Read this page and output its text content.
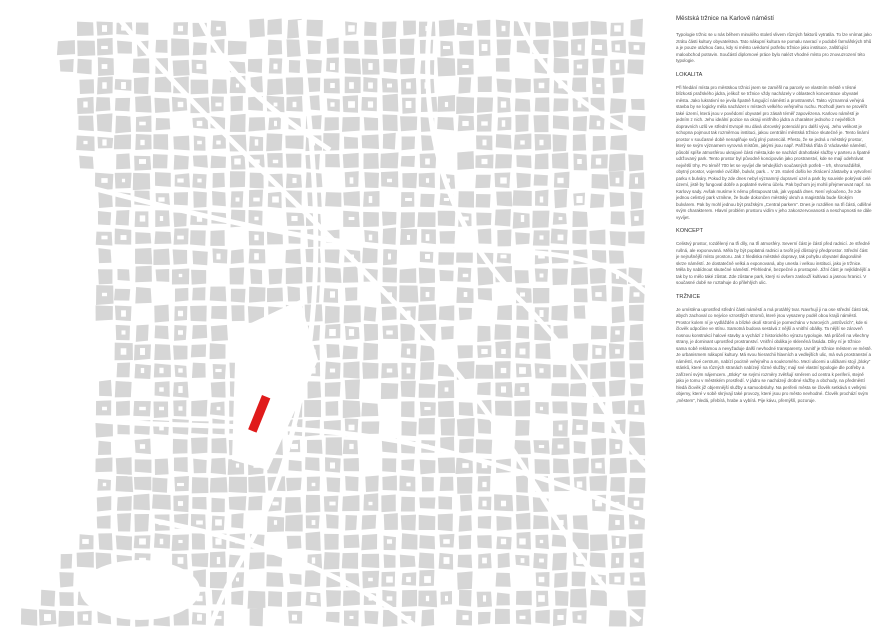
Městská tržnice na Karlově náměstí

Typologie tržnic se u nás během minulého století vlivem různých faktorů vytratila. To lze vnímat jako ztrátu části kultury obyvatelstva. Tato nákupní kultura se pomalu navrací v podobě farmářských trhů a je pouze otázkou času, kdy si město uvědomí potřebu tržnice jako instituce, zaštiťující maloobchod potravin. Součástí diplomové práce bylo nalézt vhodné místo pro znovuzrození této typologie.

LOKALITA

Při hledání místa pro městskou tržnici jsem se zaměřil na parcely ve vlastním městě v těsné blízkosti pražského jádra, jelikož se tržnice vždy nacházely v oblastech koncentrace obyvatel města. Jako lukrativní se jevila špatně fungující náměstí a prostranství. Takto významná veřejná stavba by se logicky měla nacházet v místech velkého veřejného ruchu. Rozhodl jsem se prověřit také území, která jsou v povědomí obyvatel pro zásah téměř zapovězena. Karlovo náměstí je jedním z nich. Jeho ideální pozice na okraji vnitřního jádra a charakter jednoho z největších dopravních uzlů ve střední Evropě mu dává obrovský potenciál pro další vývoj. Jeho velikost je schopna pojmout tak rozměrnou instituci, jakou centrální městská tržnice skutečně je. Tento linární prostor v současné době nenaplňuje svůj plný potenciál. Přesto, že se jedná o městský prostor, který se svým významem vyrovná místům, jakými jsou např. Pařížská třída či Václavské náměstí, působí spíše atmosférou ukrajové části města,kde se nachází drahotlaké služby v parteru a špatně udržovaný park. Tento prostor byl původně koncipován jako prostranství, kde se mají odehrávat největší trhy. Po téměř 700 let se vyvíjel dle tehdejších současných potřeb – trh, shromaždiště, obytný prostor, vojenské cvičiště, bulvár, park… V 19. století došlo ke zkrácení zástavby a vytvoření parku s bulváry. Pokud by zde dnes nebyl významný dopravní uzel a park by souvisle pokrýval celé území, jistě by fungoval dobře a poplatně svému účelu. Pak bychom jej mohli přejmenovat např. na Karlovy sady. Avšak musíme k němu přistupovat tak, jak vypadá dnes. Není vyloučeno, že zde jednou celistvý park vznikne, že bude dokončen městský okruh a magistrála bude širokým bulvárem. Pak by mohl jednou být pražským „Central parkem“. Dnes je rozdělen na tři části, odlišné svým charakterem. Hlavní problém prostoru vidím v jeho zakonzervovanosti a neschopnosti se dále vyvíjet.

KONCEPT

Celistvý prostor, rozdělený na tři díly, na tři atmosféry. Severní část je částí před radnicí. Je středně rušná, ale exponovaná. Měla by být poplatná radnici a tvořit její důstojný předprostor. Střední část je nejrušnější místo prostoru. Jak z hlediska městské dopravy, tak pohybu obyvatel diagonálně skrze náměstí. Je dostatečně velká a exponovaná, aby unesla i velkou instituci, jako je tržnice. Měla by nabídnout skutečné náměstí. Přehledné, bezpečné a prostupné. Jižní část je nejklidnější a tak by to mělo také zůstat. Zde zůstane park, který si ovšem zaslouží kultivaci a jasnou hranici. V současné době se roztahuje do přilehlých ulic.

TRŽNICE

Je umístěna uprostřed střední části náměstí a má protáhlý tvar. Navrhují ji na ose střední části tak, abych zachoval co nejvíce vzrostlých stromů, které jsou vysazeny podél obou krajů náměstí. Prostor kolem ní je vydlážděn a blízké okolí stromů je pomecháno v tvarových „ostrůvcích“, kde si člověk odpočine ve stínu. Samotná budova sestává z nější a vnitřní obálky. Ta nější se zároveň nosnou konstrukcí halové stavby a vychází z historického výrazu typologie. Má průčelí na všechny strany, je dominant uprostřed prostranství. Vnitřní obálka je skleněná fasáda. Díky ní je tržnice sama sobě reklamou a nevyžaduje další nevhodné transparenty. Uvnitř je tržnice městem ve městě. Je urbanismem nákupní kultury. Má svou hierarchii hlavních a vedlejších ulic, má svá prostranství a náměstí, své centrum, nabízí pocitně veřejného a soukromého. Mezi ulicemi a uličkami stojí „bloky“ stánků, které na různých stranách nabízejí různé služby; mají své vlastní typologie dle potřeby a zařízení svým nájemcem. „Bloky“ se svými rozměry zvětšují směrem od centra k periferii, stejně jako je tomu v městském prostředí. V jádru se nacházejí drobné služby a obchody, na předměstí hledá člověk již objemnější služby a samoobsluhy. Na periferii města se člověk setkává s velkými objemy, které v sobě skrývají také provozy, které jsou pro město nevhodné. Člověk prochází svým „městem“, hledá, přebírá, hrabe a vybírá. Pije kávu, přemýšlí, pozoruje.
